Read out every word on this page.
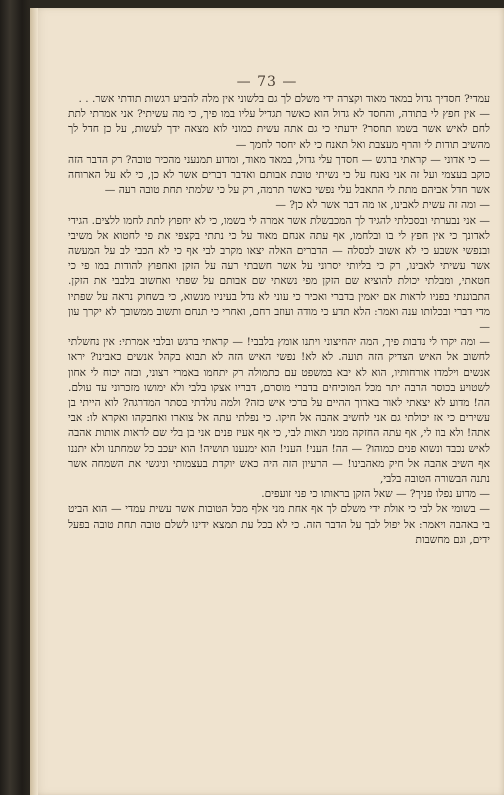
— 73 —

עמדי? חסדיך גדול במאד מאוד וקצרה ידי משלם לך גם בלשוני אין מלה להביע רגשות תודתי אשר. . .

— אין חפץ לי בתודה, והחסד לא גדול הוא כאשר תגדיל עליו במו פיך, כי מה עשיתי? אני אמרתי לתת לחם לאיש אשר בשמו תחסר? ידעתי כי גם אתה עשית כמוני לוא מצאה ידך לעשות, על כן חדל לך מהשיב תודות לי והרף מעצבת ואל תאנח כי לא יחסר לחמך —

— כי אדוני — קראתי ברגש — חסדך עלי גדול, במאד מאוד, ומדוע תמנעני מהכיר טובה? רק הדבר הזה כוקב בעצמי ועל זה אני נאנח על כי נשיתי טובת אבותם ואדבר דברים אשר לא כן, כי לא על הארוחה אשר חדל אביהם מתת לי התאבל עלי נפשי כאשר תרמה, רק על כי שלמתי תחת טובה רעה —

— ומה זה עשית לאבינו, או מה דבר אשר לא כן? —

— אני נבערתי ובסכלתי להגיד לך המכבשלת אשר אמרה לי בשמו, כי לא יחפוץ לתת לחמו ללצים. הגידי לאדונך כי אין חפץ לי בו ובלחמו, אף עתה אנחם מאוד על כי נתתי בקצפי את פי לחטוא אל משיבי ובנפשי אשבע כי לא אשוב לכסלה — הדברים האלה יצאו מקרב לבי אף כי לא הכבי לב על המעשה אשר עשיתי לאבינו, רק כי בליותי יסרוני על אשר חשבתי רעה על הזקן ואחפוץ להודות במו פי כי חטאתי, ומבלתי יכולת להוציא שם הזקן מפי נשאתי שם אבותם על שפתי ואחשוב בלבבי את הזקן. התבוננתי בפניו לראות אם יאמין בדברי ואכיר כי עוני לא נדל בעיניו מנשוא, כי בשחוק נראה על שפתיו מדי דברי ובכלותו ענה ואמר: הלא תדע כי מודה ועוזב רחם, ואחרי כי תנחם ותשוב ממשובך לא יקרך עון —

— ומה יקרו לי נדבות פיך, המה יהחיצוני ויתנו אומץ בלבבי! — קראתי ברגש ובלבי אמרתי: אין נחשלתי לחשוב אל האיש הצדיק הזה תועה. לא לא! נפשי האיש הזה לא תבוא בקהל אנשים כאבינו? יראו אנשים וילמדו אורחותיו, הוא לא יבא במשפט עם כתמולה רק יתחמו באמרי רצוני, ובזה יכוח לי אחון לשטויע בכוסר הרבה יתר מכל המוכיחים בדברי מוסרם, דבריו אצקו בלבי ולא ימושו מזכרוני עד עולם. הה! מדוע לא יצאתי לאור בארוך ההיים על ברכי איש כזה? ולמה נולדתי בסתר המדרגה? לוא הייתי בן עשירים כי אז יכולתי גם אני לחשיב אהבה אל חיקו. כי נפלתי עתה אל צוארו ואחבקהו ואקרא לו: אבי אתה! ולא בוז לי, אף עתה החזקה ממני תאות לבי, כי אף אעיז פנים אני בן בלי שם לראות אותות אהבה לאיש נכבד ונשוא פנים כמוהו? — הה! העני! העני! הוא ימנענו תושיה! הוא יעכב כל שמחתנו ולא יתננו אף השיב אהבה אל חיק מאהבינו! — הרעיון הזה היה כאש יוקדת בעצמותי וניגשי את השמחה אשר נתנה הבשורה הטובה בלבי,

— מדוע נפלו פניך? — שאל הזקן בראותו כי פני זועפים.

— בשומי אל לבי כי אולת ידי משלם לך אף אחת מני אלף מכל הטובות אשר עשית עמדי — הוא הביט בי באהבה ויאמר: אל יפול לבך על הדבר הזה. כי לא בכל עת תמצא ידינו לשלם טובה תחת טובה בפעל ידים, וגם מחשבות
